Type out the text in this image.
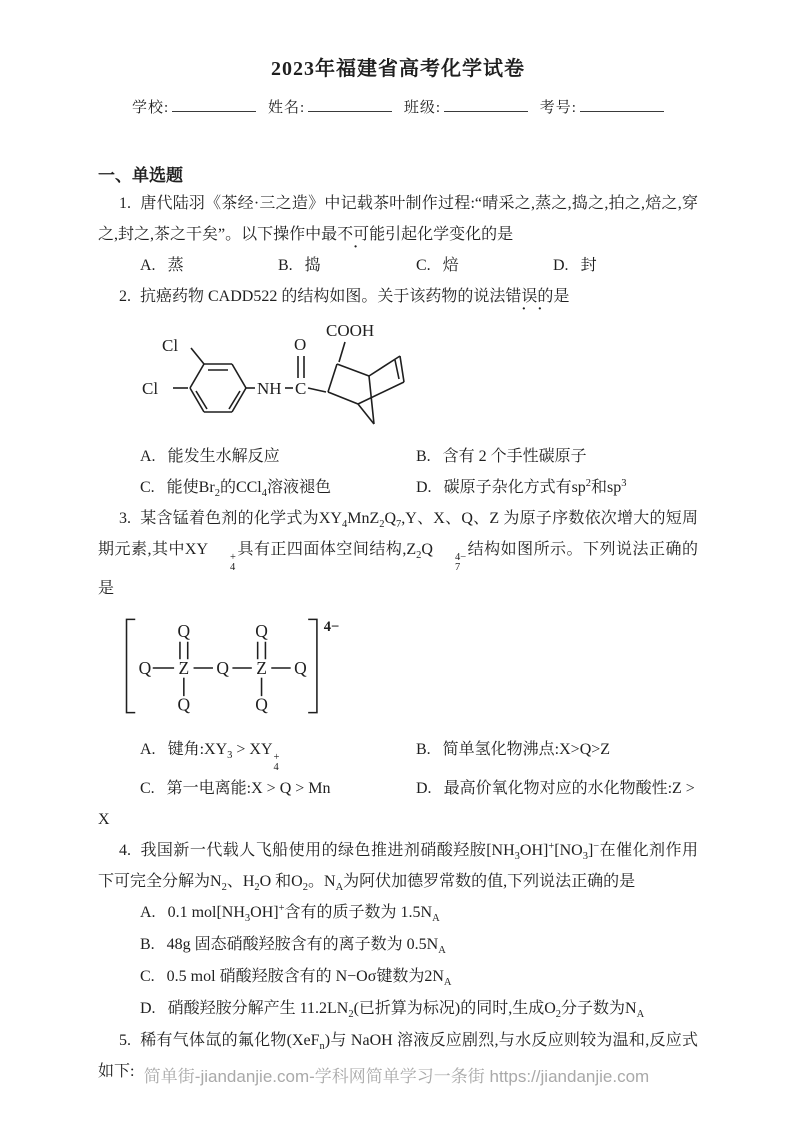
2023年福建省高考化学试卷
学校:	姓名:	班级:	考号:
一、单选题

1. 唐代陆羽《茶经·三之造》中记载茶叶制作过程:“晴采之,蒸之,捣之,拍之,焙之,穿之,封之,茶之干矣”。以下操作中最不可能引起化学变化的是

A. 蒸	B. 捣	C. 焙	D. 封

2. 抗癌药物 CADD522 的结构如图。关于该药物的说法错误的是

Cl
Cl	NH C
O
COOH
A. 能发生水解反应	B. 含有 2 个手性碳原子
C. 能使$Br_2$的CCl$_4$溶液褪色	D. 碳原子杂化方式有$sp^2$和$sp^3$

3. 某含锰着色剂的化学式为$XY_4MnZ_2Q_7,Y$、X、Q、Z 为原子序数依次增大的短周期元素,其中XY	+
4
具有正四面体空间结构$,Z_2Q$	4−
7
结构如图所示。下列说法正确的是

4−
Q Z Q Z Q
Q	Q
Q	Q
A. 键角$:XY_3$ > XY +
4
B. 简单氢化物沸点:X>Q>Z
C. 第一电离能:X > Q > Mn	D. 最高价氧化物对应的水化物酸性:Z >

X

4. 我国新一代载人飞船使用的绿色推进剂硝酸羟胺$[NH_3OH]^+[NO_3]^-$在催化剂作用下可完全分解为$N_2$、$H_2O$ 和$O_2$。$N_A$为阿伏加德罗常数的值,下列说法正确的是

A. 0.1 $mol[NH_3OH]^+$含有的质子数为 $1.5N_A$
B. 48g 固态硝酸羟胺含有的离子数为 $0.5N_A$
C. 0.5 mol 硝酸羟胺含有的 N−Oσ键数为$2N_A$
D. 硝酸羟胺分解产生 $11.2LN_2$(已折算为标况)的同时,生成$O_2$分子数为$N_A$

5. 稀有气体氙的氟化物(XeF$_n$)与 NaOH 溶液反应剧烈,与水反应则较为温和,反应式如下: 简单街-jiandanjie.com-学科网简单学习一条街 https://jiandanjie.com
